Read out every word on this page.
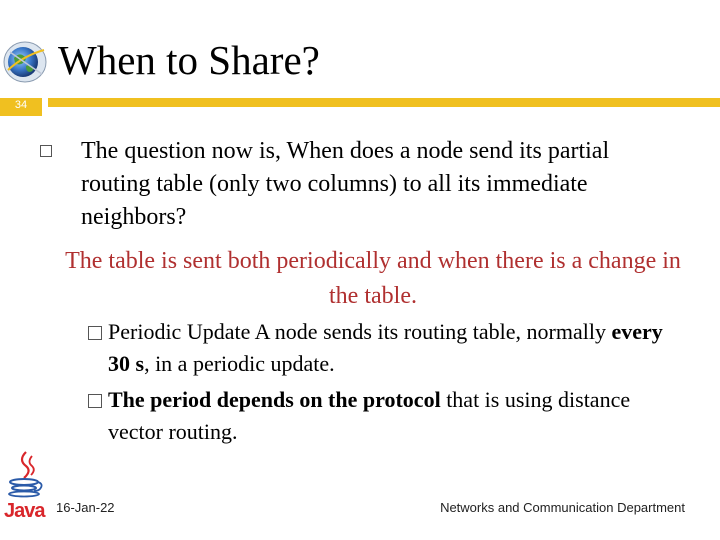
When to Share?
34
The question now is, When does a node send its partial routing table (only two columns) to all its immediate neighbors?
The table is sent both periodically and when there is a change in the table.
Periodic Update A node sends its routing table, normally every 30 s, in a periodic update.
The period depends on the protocol that is using distance vector routing.
Java 16-Jan-22	Networks and Communication Department
